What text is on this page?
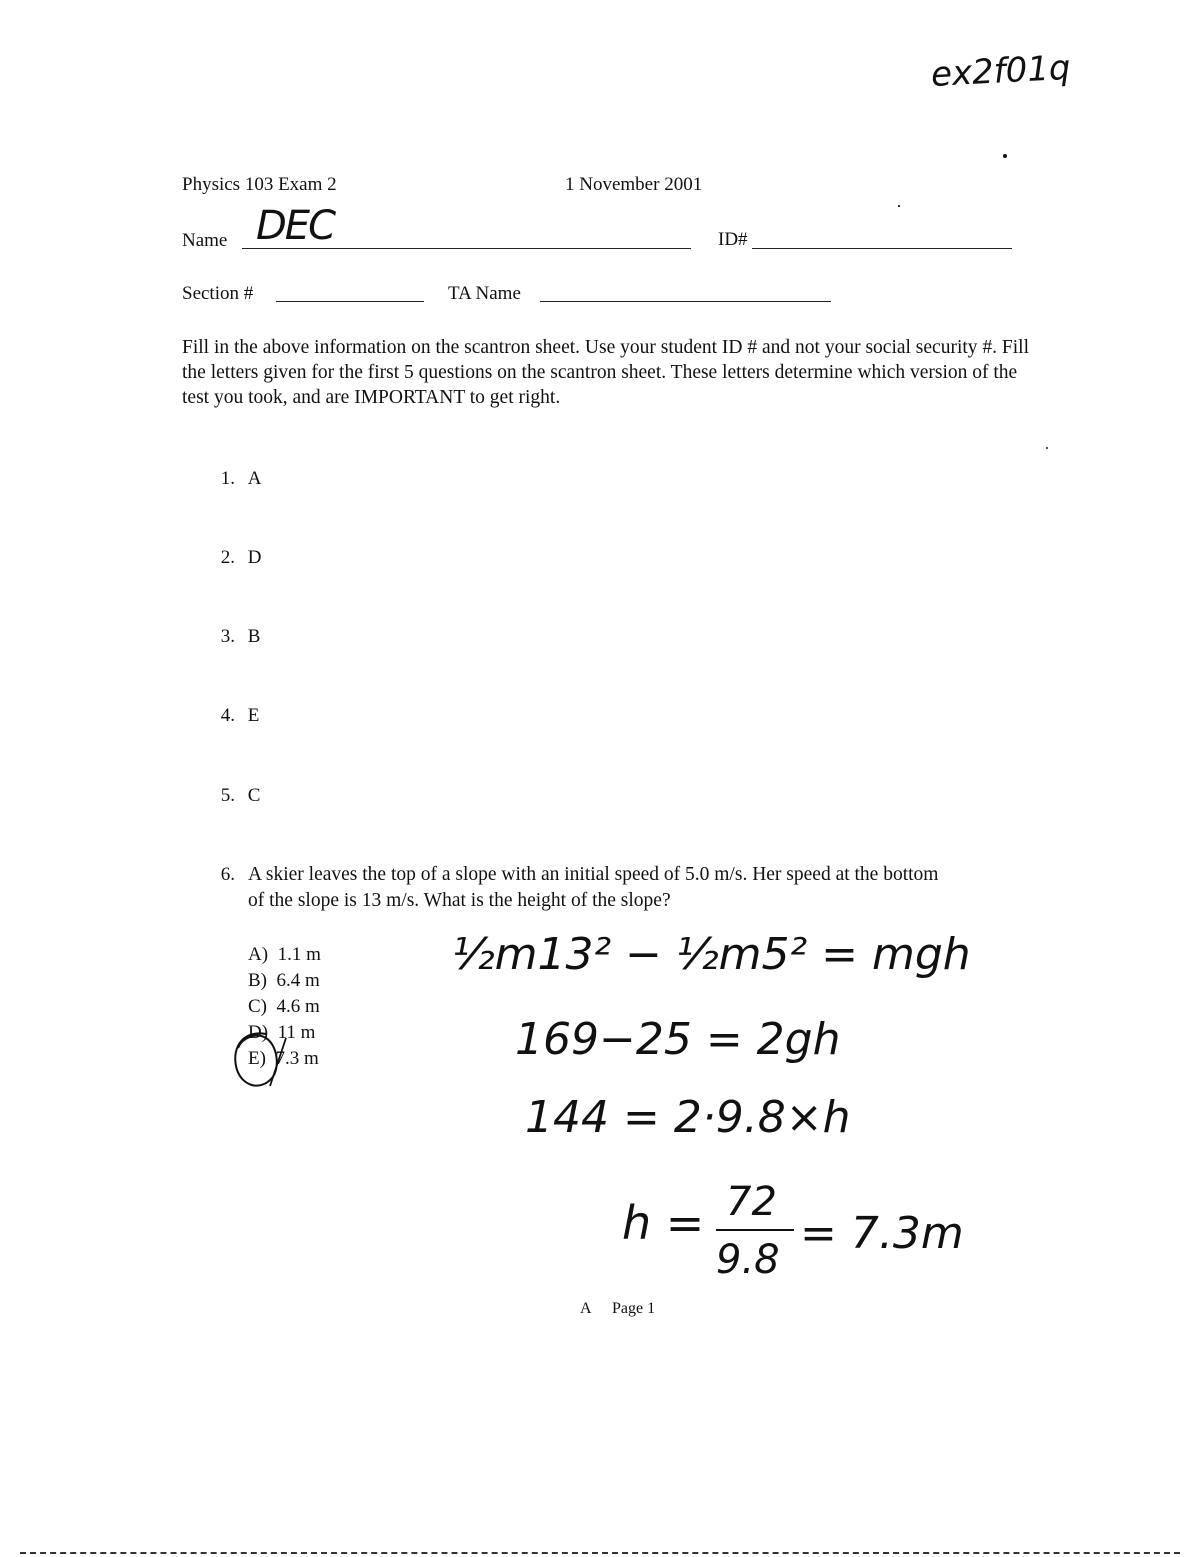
ex2f01q
Physics 103 Exam 2	1 November 2001
Name DEC	ID#
Section #	TA Name
Fill in the above information on the scantron sheet. Use your student ID # and not your social security #. Fill the letters given for the first 5 questions on the scantron sheet. These letters determine which version of the test you took, and are IMPORTANT to get right.
1. A
2. D
3. B
4. E
5. C
6. A skier leaves the top of a slope with an initial speed of 5.0 m/s. Her speed at the bottom
of the slope is 13 m/s. What is the height of the slope?
A) 1.1 m
B) 6.4 m
C) 4.6 m
D) 11 m
E) 7.3 m
½m13² − ½m5² = mgh
169−25 = 2gh
144 = 2·9.8×h
h = 72
9.8
= 7.3m
A Page 1
